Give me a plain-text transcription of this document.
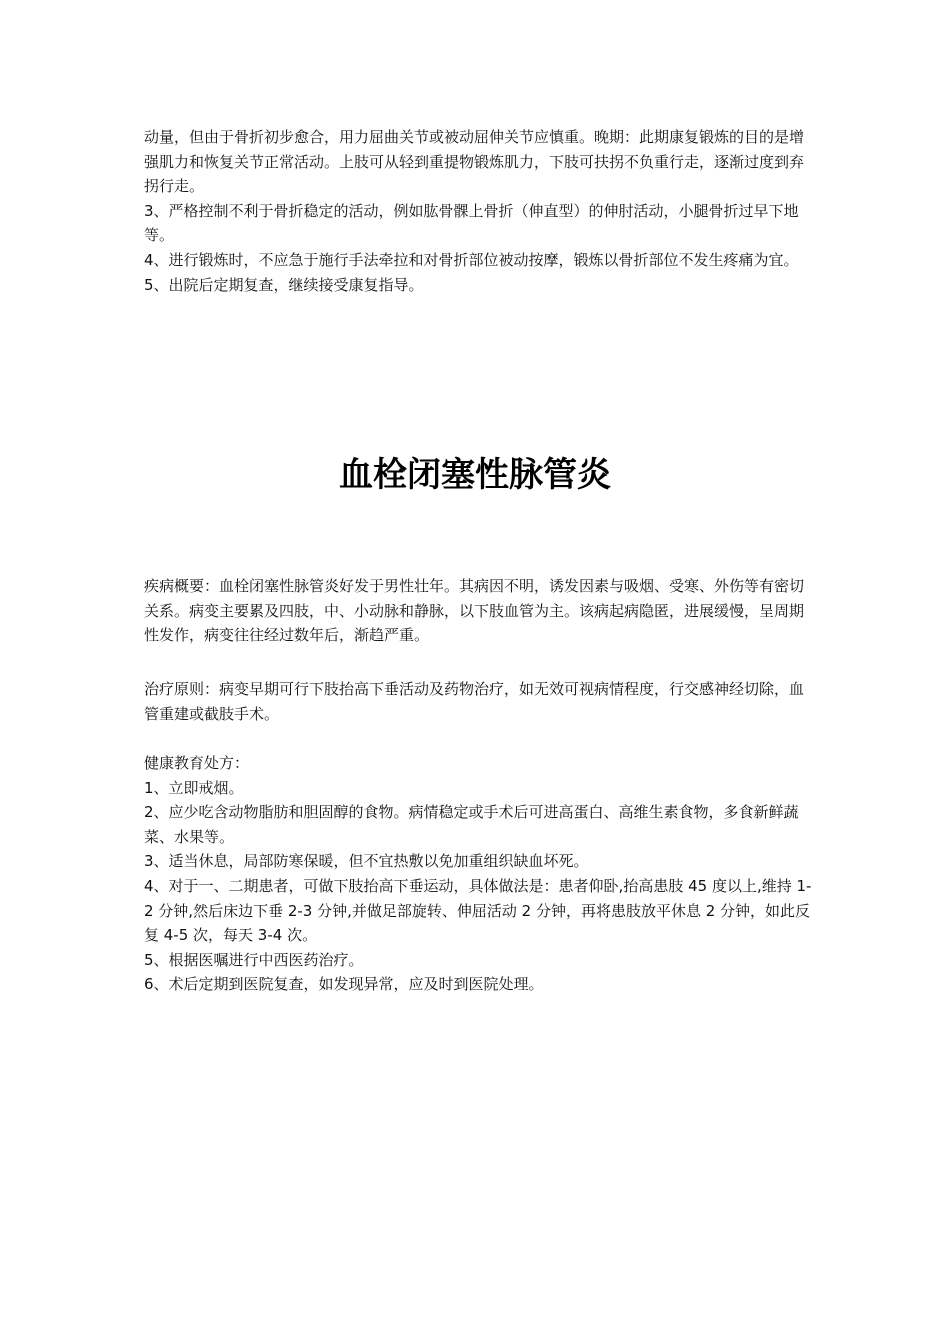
动量，但由于骨折初步愈合，用力屈曲关节或被动屈伸关节应慎重。晚期：此期康复锻炼的目的是增强肌力和恢复关节正常活动。上肢可从轻到重提物锻炼肌力，下肢可扶拐不负重行走，逐渐过度到弃拐行走。

3、严格控制不利于骨折稳定的活动，例如肱骨髁上骨折（伸直型）的伸肘活动，小腿骨折过早下地等。

4、进行锻炼时，不应急于施行手法牵拉和对骨折部位被动按摩，锻炼以骨折部位不发生疼痛为宜。

5、出院后定期复查，继续接受康复指导。

血栓闭塞性脉管炎

疾病概要：血栓闭塞性脉管炎好发于男性壮年。其病因不明，诱发因素与吸烟、受寒、外伤等有密切关系。病变主要累及四肢，中、小动脉和静脉，以下肢血管为主。该病起病隐匿，进展缓慢，呈周期性发作，病变往往经过数年后，渐趋严重。

治疗原则：病变早期可行下肢抬高下垂活动及药物治疗，如无效可视病情程度，行交感神经切除，血管重建或截肢手术。

健康教育处方：

1、立即戒烟。

2、应少吃含动物脂肪和胆固醇的食物。病情稳定或手术后可进高蛋白、高维生素食物，多食新鲜蔬菜、水果等。

3、适当休息，局部防寒保暖，但不宜热敷以免加重组织缺血坏死。

4、对于一、二期患者，可做下肢抬高下垂运动，具体做法是：患者仰卧,抬高患肢 45 度以上,维持 1-2 分钟,然后床边下垂 2-3 分钟,并做足部旋转、伸屈活动 2 分钟，再将患肢放平休息 2 分钟，如此反复 4-5 次，每天 3-4 次。

5、根据医嘱进行中西医药治疗。

6、术后定期到医院复查，如发现异常，应及时到医院处理。
